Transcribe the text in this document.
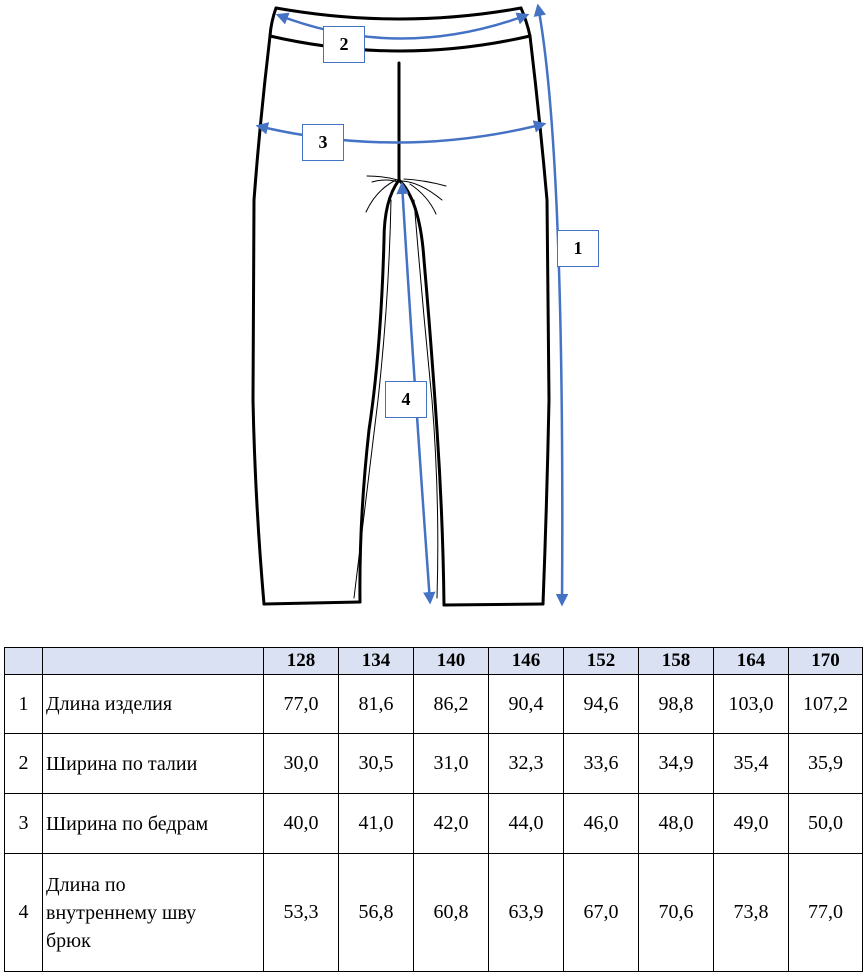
1
2
3
4
		128	134	140	146	152	158	164	170
1	Длина изделия	77,0	81,6	86,2	90,4	94,6	98,8	103,0	107,2
2	Ширина по талии	30,0	30,5	31,0	32,3	33,6	34,9	35,4	35,9
3	Ширина по бедрам	40,0	41,0	42,0	44,0	46,0	48,0	49,0	50,0
4	Длина по
внутреннему шву
брюк	53,3	56,8	60,8	63,9	67,0	70,6	73,8	77,0
